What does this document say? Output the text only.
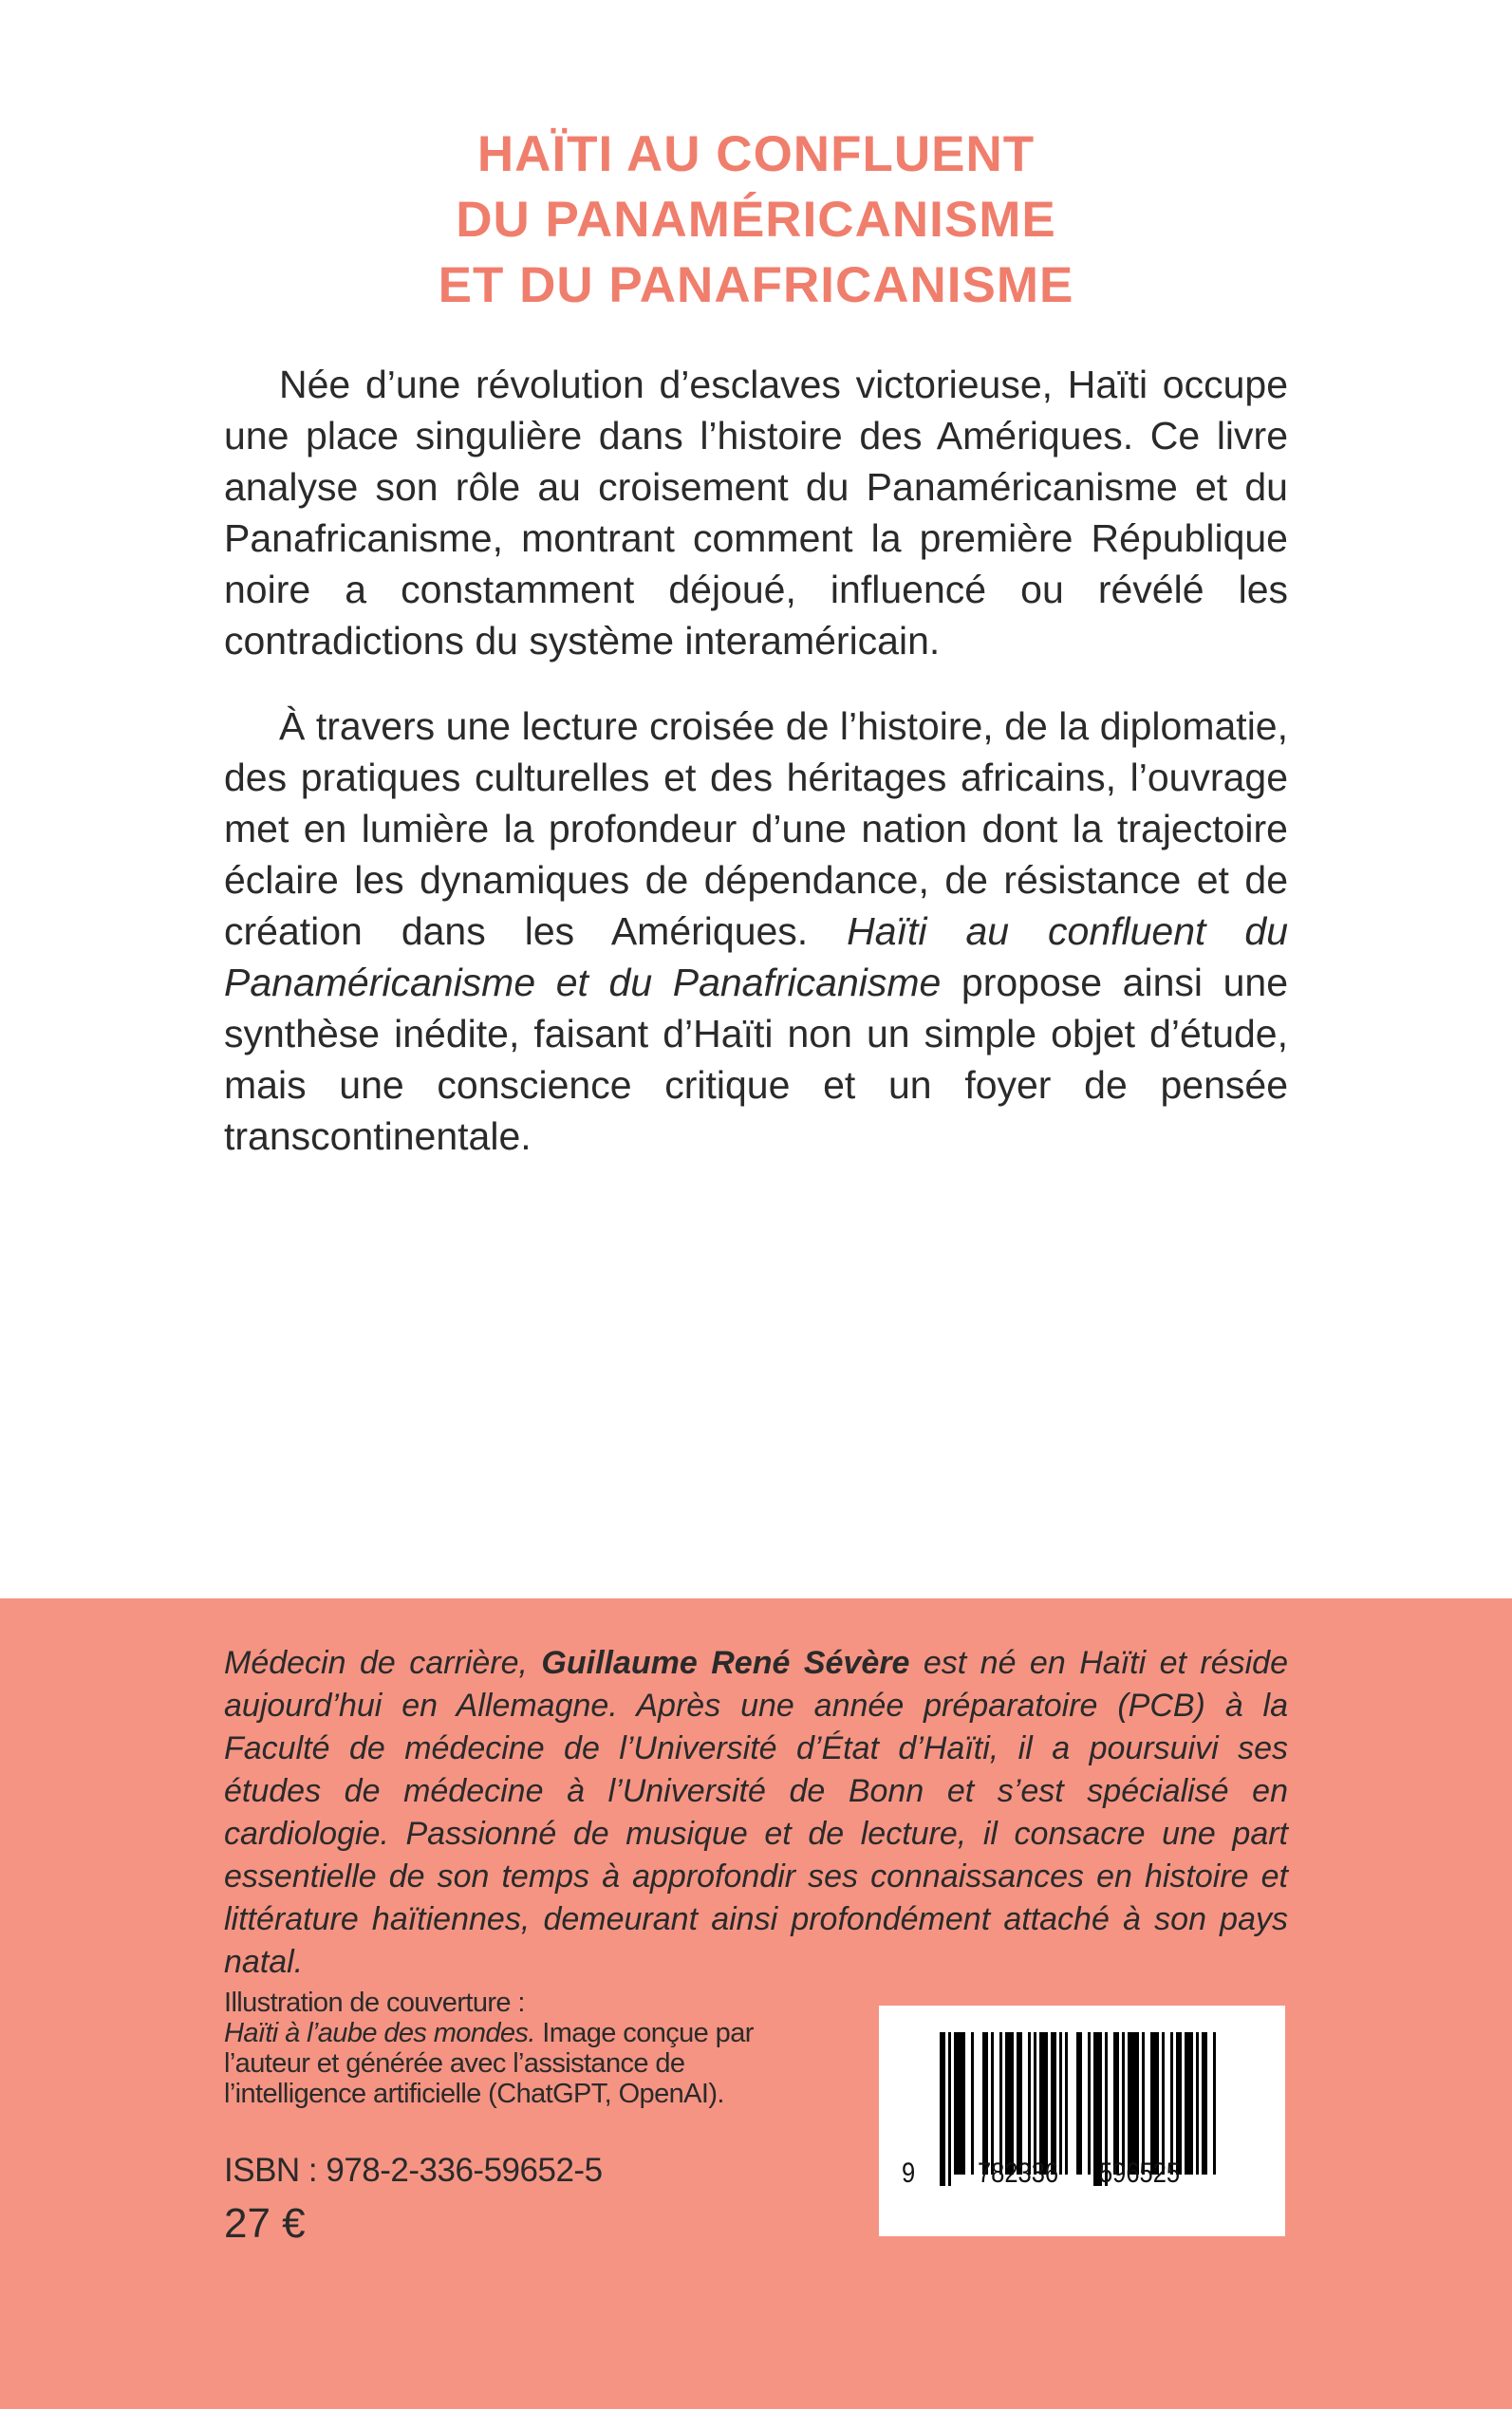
HAÏTI AU CONFLUENT
DU PANAMÉRICANISME
ET DU PANAFRICANISME

Née d’une révolution d’esclaves victorieuse, Haïti occupe une place singulière dans l’histoire des Amériques. Ce livre analyse son rôle au croisement du Panaméricanisme et du Panafricanisme, montrant comment la première République noire a constamment déjoué, influencé ou révélé les contradictions du système interaméricain.

À travers une lecture croisée de l’histoire, de la diplomatie, des pratiques culturelles et des héritages africains, l’ouvrage met en lumière la profondeur d’une nation dont la trajectoire éclaire les dynamiques de dépendance, de résistance et de création dans les Amériques. Haïti au confluent du Panaméricanisme et du Panafricanisme propose ainsi une synthèse inédite, faisant d’Haïti non un simple objet d’étude, mais une conscience critique et un foyer de pensée transcontinentale.

Médecin de carrière, Guillaume René Sévère est né en Haïti et réside aujourd’hui en Allemagne. Après une année préparatoire (PCB) à la Faculté de médecine de l’Université d’État d’Haïti, il a poursuivi ses études de médecine à l’Université de Bonn et s’est spécialisé en cardiologie. Passionné de musique et de lecture, il consacre une part essentielle de son temps à approfondir ses connaissances en histoire et littérature haïtiennes, demeurant ainsi profondément attaché à son pays natal.
Illustration de couverture :
Haïti à l’aube des mondes. Image conçue par l’auteur et générée avec l’assistance de l’intelligence artificielle (ChatGPT, OpenAI).
ISBN : 978-2-336-59652-5
27 €
9 782336 596525
